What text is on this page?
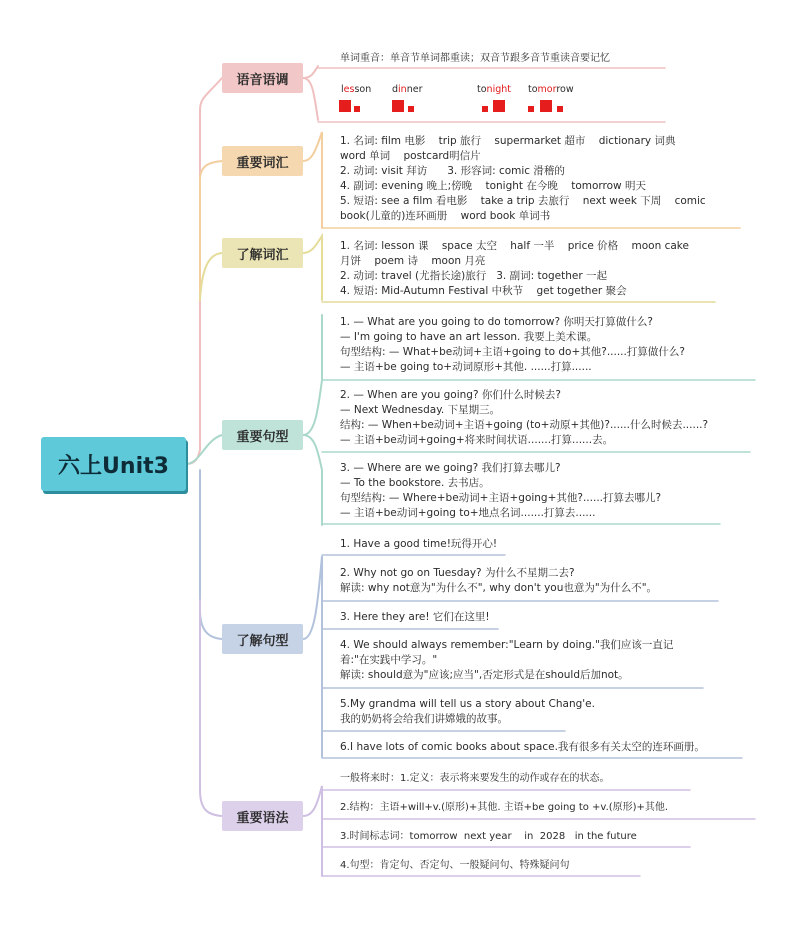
六上Unit3
语音语调
重要词汇
了解词汇
重要句型
了解句型
重要语法
单词重音：单音节单词都重读；双音节跟多音节重读音要记忆
lesson dinner	tonight tomorrow
1. 名词: film 电影    trip 旅行    supermarket 超市    dictionary 词典
word 单词    postcard明信片
2. 动词: visit 拜访      3. 形容词: comic 滑稽的
4. 副词: evening 晚上;傍晚    tonight 在今晚    tomorrow 明天
5. 短语: see a film 看电影    take a trip 去旅行    next week 下周    comic
book(儿童的)连环画册    word book 单词书
1. 名词: lesson 课    space 太空    half 一半    price 价格    moon cake
月饼    poem 诗    moon 月亮
2. 动词: travel (尤指长途)旅行   3. 副词: together 一起
4. 短语: Mid-Autumn Festival 中秋节    get together 聚会
1. — What are you going to do tomorrow? 你明天打算做什么?
— I'm going to have an art lesson. 我要上美术课。
句型结构: — What+be动词+主语+going to do+其他?......打算做什么?
— 主语+be going to+动词原形+其他. ......打算......
2. — When are you going? 你们什么时候去?
— Next Wednesday. 下星期三。
结构: — When+be动词+主语+going (to+动原+其他)?......什么时候去......?
— 主语+be动词+going+将来时间状语.......打算......去。
3. — Where are we going? 我们打算去哪儿?
— To the bookstore. 去书店。
句型结构: — Where+be动词+主语+going+其他?......打算去哪儿?
— 主语+be动词+going to+地点名词.......打算去......
1. Have a good time!玩得开心!
2. Why not go on Tuesday? 为什么不星期二去?
解读: why not意为"为什么不", why don't you也意为"为什么不"。
3. Here they are! 它们在这里!
4. We should always remember:"Learn by doing."我们应该一直记
着:"在实践中学习。"
解读: should意为"应该;应当",否定形式是在should后加not。
5.My grandma will tell us a story about Chang'e.
我的奶奶将会给我们讲嫦娥的故事。
6.I have lots of comic books about space.我有很多有关太空的连环画册。
一般将来时：1.定义：表示将来要发生的动作或存在的状态。
2.结构：主语+will+v.(原形)+其他. 主语+be going to +v.(原形)+其他.
3.时间标志词：tomorrow  next year    in  2028   in the future
4.句型：肯定句、否定句、一般疑问句、特殊疑问句
